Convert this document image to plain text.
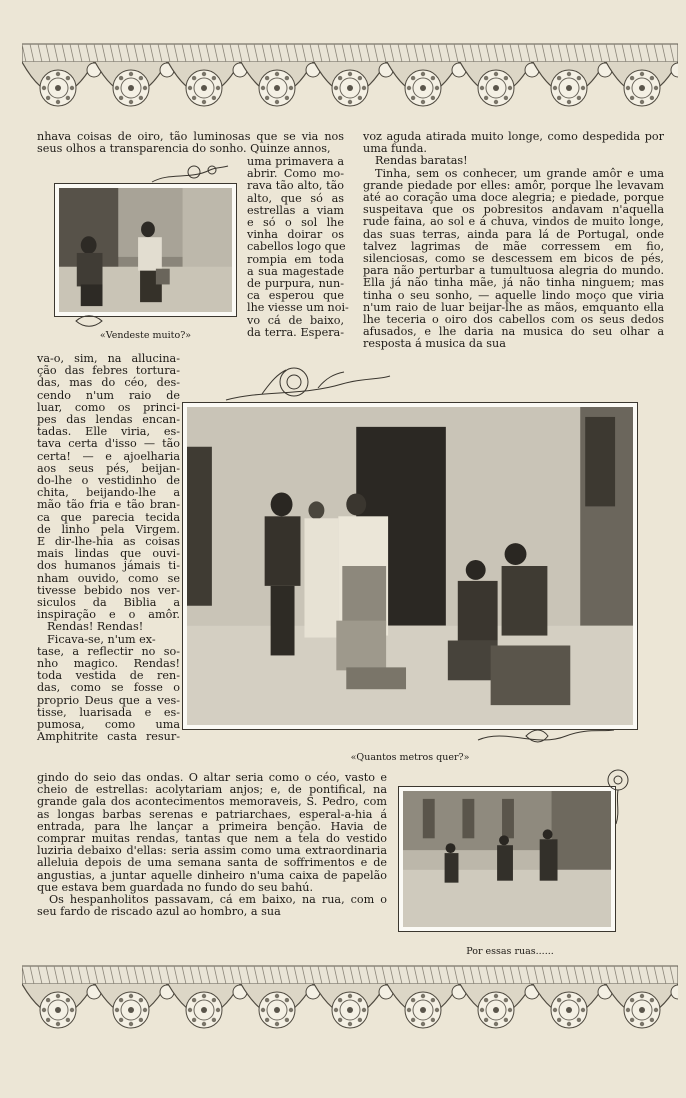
nhava coisas de oiro, tão luminosas que se via nos seus olhos a transparencia do sonho. Quinze annos,

«Vendeste muito?»
uma primavera a
abrir. Como mo-
rava tão alto, tão
alto, que só as
estrellas a viam
e só o sol lhe
vinha doirar os
cabellos logo que
rompia em toda
a sua magestade
de purpura, nun-
ca esperou que
lhe viesse um noi-
vo cá de baixo,
da terra. Espera-
va-o, sim, na allucina-
ção das febres tortura-
das, mas do céo, des-
cendo n'um raio de
luar, como os princi-
pes das lendas encan-
tadas. Elle viria, es-
tava certa d'isso — tão
certa! — e ajoelharia
aos seus pés, beijan-
do-lhe o vestidinho de
chita, beijando-lhe a
mão tão fria e tão bran-
ca que parecia tecida
de linho pela Virgem.
E dir-lhe-hia as coisas
mais lindas que ouvi-
dos humanos jámais ti-
nham ouvido, como se
tivesse bebido nos ver-
siculos da Biblia a
inspiração e o amôr.
Rendas! Rendas!
Ficava-se, n'um ex-
tase, a reflectir no so-
nho magico. Rendas!
toda vestida de ren-
das, como se fosse o
proprio Deus que a ves-
tisse, luarisada e es-
pumosa, como uma
Amphitrite casta resur-

gindo do seio das ondas. O altar seria como o céo, vasto e cheio de estrellas: acolytariam anjos; e, de pontifical, na grande gala dos acontecimentos memoraveis, S. Pedro, com as longas barbas serenas e patriarchaes, esperal-a-hia á entrada, para lhe lançar a primeira benção. Havia de comprar muitas rendas, tantas que nem a tela do vestido luziria debaixo d'ellas: seria assim como uma extraordinaria alleluia depois de uma semana santa de soffrimentos e de angustias, a juntar aquelle dinheiro n'uma caixa de papelão que estava bem guardada no fundo do seu bahú.

Os hespanholitos passavam, cá em baixo, na rua, com o seu fardo de riscado azul ao hombro, a sua

voz aguda atirada muito longe, como despedida por uma funda.

Rendas baratas!

Tinha, sem os conhecer, um grande amôr e uma grande piedade por elles: amôr, porque lhe levavam até ao coração uma doce alegria; e piedade, porque suspeitava que os pobresitos andavam n'aquella rude faina, ao sol e á chuva, vindos de muito longe, das suas terras, ainda para lá de Portugal, onde talvez lagrimas de mãe corressem em fio, silenciosas, como se descessem em bicos de pés, para não perturbar a tumultuosa alegria do mundo. Ella já não tinha mãe, já não tinha ninguem; mas tinha o seu sonho, — aquelle lindo moço que viria n'um raio de luar beijar-lhe as mãos, emquanto ella lhe teceria o oiro dos cabellos com os seus dedos afusados, e lhe daria na musica do seu olhar a resposta á musica da sua

«Quantos metros quer?»
Por essas ruas......
